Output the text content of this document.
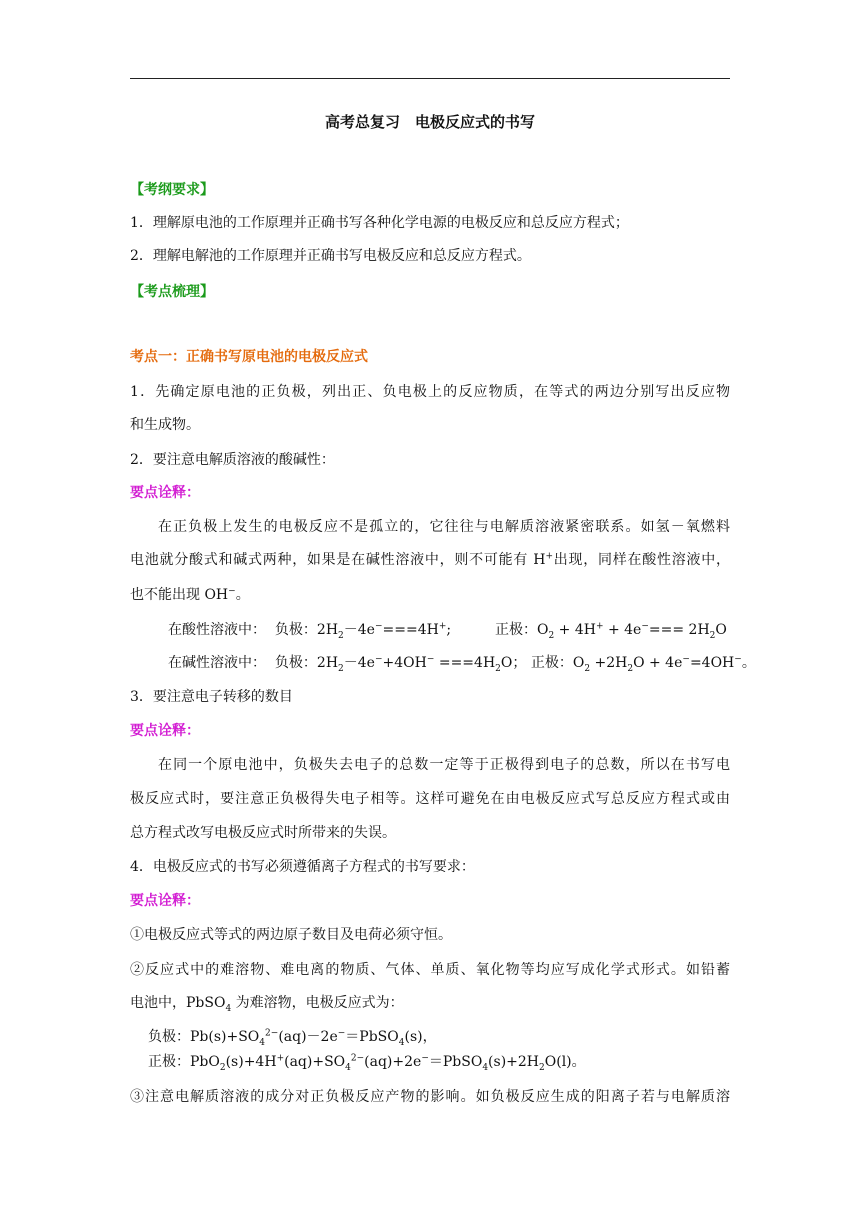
高考总复习　电极反应式的书写
【考纲要求】
1．理解原电池的工作原理并正确书写各种化学电源的电极反应和总反应方程式；
2．理解电解池的工作原理并正确书写电极反应和总反应方程式。
【考点梳理】
考点一：正确书写原电池的电极反应式
1．先确定原电池的正负极，列出正、负电极上的反应物质，在等式的两边分别写出反应物
和生成物。
2．要注意电解质溶液的酸碱性：
要点诠释：
在正负极上发生的电极反应不是孤立的，它往往与电解质溶液紧密联系。如氢－氧燃料
电池就分酸式和碱式两种，如果是在碱性溶液中，则不可能有 H+出现，同样在酸性溶液中，
也不能出现 OH−。
在酸性溶液中： 负极：$2H_2-4e^-===4H^+$;	正极：$O_2 + 4H^+ + 4e^-=== 2H_2O$
在碱性溶液中： 负极：$2H_2-4e^-+4OH^- ===4H_2O$； 正极：$O_2 +2H_2O + 4e^-=4OH^-$。
3．要注意电子转移的数目
要点诠释：
在同一个原电池中，负极失去电子的总数一定等于正极得到电子的总数，所以在书写电
极反应式时，要注意正负极得失电子相等。这样可避免在由电极反应式写总反应方程式或由
总方程式改写电极反应式时所带来的失误。
4．电极反应式的书写必须遵循离子方程式的书写要求：
要点诠释：
①电极反应式等式的两边原子数目及电荷必须守恒。
②反应式中的难溶物、难电离的物质、气体、单质、氧化物等均应写成化学式形式。如铅蓄
电池中，PbSO$_4$ 为难溶物，电极反应式为：
负极：$Pb(s)+SO_4^{2-}(aq)-2e^-=PbSO_4(s)$，
正极：$PbO_2(s)+4H^+(aq)+SO_4^{2-}(aq)+2e^-=PbSO_4(s)+2H_2O(l)$。
③注意电解质溶液的成分对正负极反应产物的影响。如负极反应生成的阳离子若与电解质溶
